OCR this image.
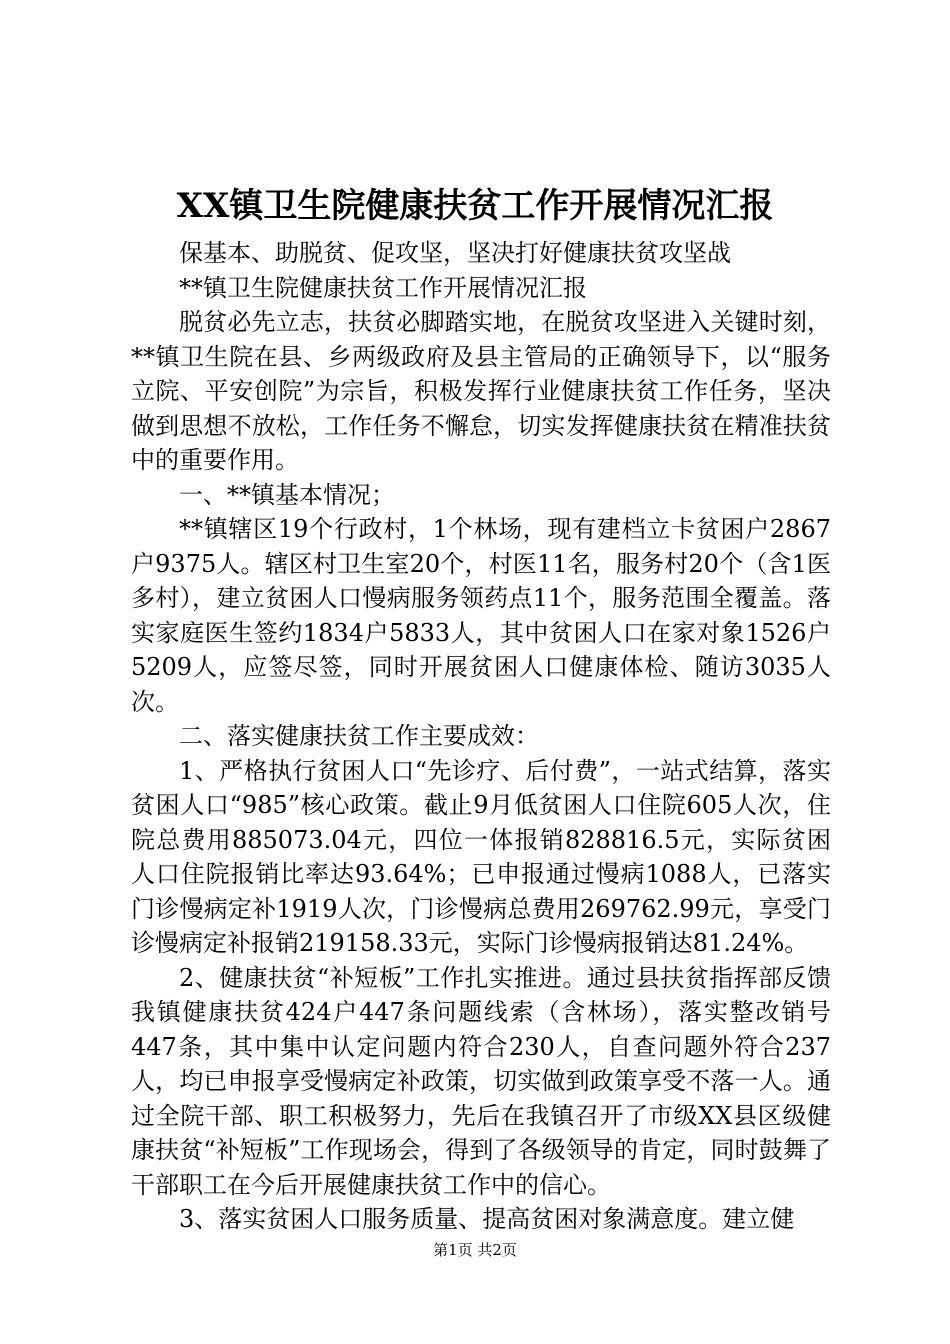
XX镇卫生院健康扶贫工作开展情况汇报

保基本、助脱贫、促攻坚，坚决打好健康扶贫攻坚战

**镇卫生院健康扶贫工作开展情况汇报

脱贫必先立志，扶贫必脚踏实地，在脱贫攻坚进入关键时刻，**镇卫生院在县、乡两级政府及县主管局的正确领导下，以“服务立院、平安创院”为宗旨，积极发挥行业健康扶贫工作任务，坚决做到思想不放松，工作任务不懈怠，切实发挥健康扶贫在精准扶贫中的重要作用。

一、**镇基本情况；

**镇辖区19个行政村，1个林场，现有建档立卡贫困户2867户9375人。辖区村卫生室20个，村医11名，服务村20个（含1医多村），建立贫困人口慢病服务领药点11个，服务范围全覆盖。落实家庭医生签约1834户5833人，其中贫困人口在家对象1526户5209人，应签尽签，同时开展贫困人口健康体检、随访3035人次。

二、落实健康扶贫工作主要成效：

1、严格执行贫困人口“先诊疗、后付费”，一站式结算，落实贫困人口“985”核心政策。截止9月低贫困人口住院605人次，住院总费用885073.04元，四位一体报销828816.5元，实际贫困人口住院报销比率达93.64%；已申报通过慢病1088人，已落实门诊慢病定补1919人次，门诊慢病总费用269762.99元，享受门诊慢病定补报销219158.33元，实际门诊慢病报销达81.24%。

2、健康扶贫“补短板”工作扎实推进。通过县扶贫指挥部反馈我镇健康扶贫424户447条问题线索（含林场），落实整改销号447条，其中集中认定问题内符合230人，自查问题外符合237人，均已申报享受慢病定补政策，切实做到政策享受不落一人。通过全院干部、职工积极努力，先后在我镇召开了市级XX县区级健康扶贫“补短板”工作现场会，得到了各级领导的肯定，同时鼓舞了干部职工在今后开展健康扶贫工作中的信心。

3、落实贫困人口服务质量、提高贫困对象满意度。建立健

第1页 共2页
